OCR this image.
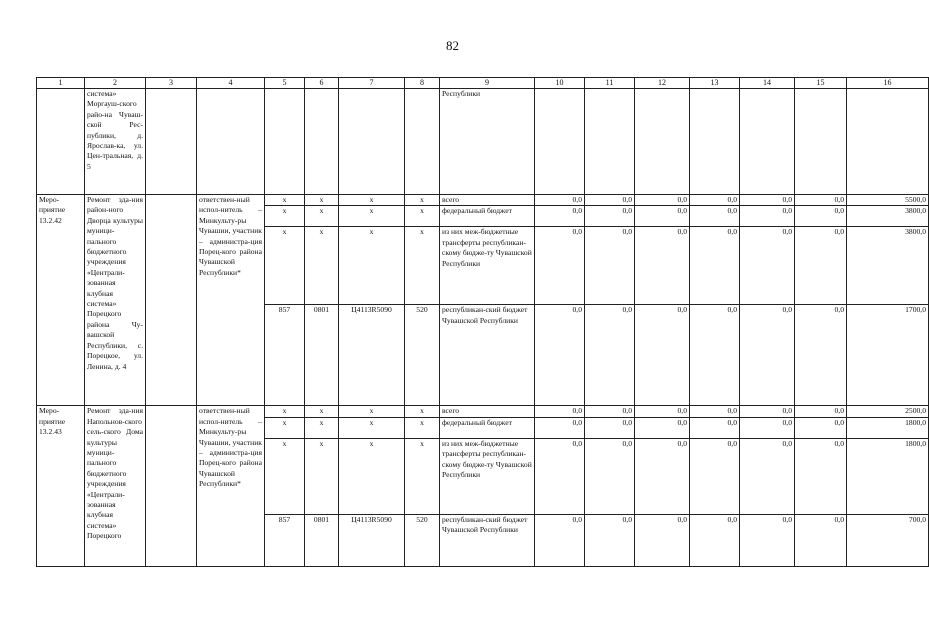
82
1	2	3	4	5	6	7	8	9	10	11	12	13	14	15	16
	система» Моргауш-ского райо-на Чуваш-ской Рес-публики, д. Ярослав-ка, ул. Цен-тральная, д. 5							Республики							
Меро-приятие 13.2.42	Ремонт зда-ния район-ного Дворца культуры муници-пального бюджетного учреждения «Централи-зованная клубная система» Порецкого района Чу-вашской Республики, с. Порецкое, ул. Ленина, д. 4		ответствен-ный испол-нитель – Минкульту-ры Чувашии, участник – администра-ция Порец-кого района Чувашской Республики*	x	x	x	x	всего	0,0	0,0	0,0	0,0	0,0	0,0	5500,0
				x	x	x	x	федеральный бюджет	0,0	0,0	0,0	0,0	0,0	0,0	3800,0
				x	x	x	x	из них меж-бюджетные трансферты республикан-скому бюдже-ту Чувашской Республики	0,0	0,0	0,0	0,0	0,0	0,0	3800,0
				857	0801	Ц4113R5090	520	республикан-ский бюджет Чувашской Республики	0,0	0,0	0,0	0,0	0,0	0,0	1700,0
Меро-приятие 13.2.43	Ремонт зда-ния Напольнов-ского сель-ского Дома культуры муници-пального бюджетного учреждения «Централи-зованная клубная система» Порецкого		ответствен-ный испол-нитель – Минкульту-ры Чувашии, участник – администра-ция Порец-кого района Чувашской Республики*	x	x	x	x	всего	0,0	0,0	0,0	0,0	0,0	0,0	2500,0
				x	x	x	x	федеральный бюджет	0,0	0,0	0,0	0,0	0,0	0,0	1800,0
				x	x	x	x	из них меж-бюджетные трансферты республикан-скому бюдже-ту Чувашской Республики	0,0	0,0	0,0	0,0	0,0	0,0	1800,0
				857	0801	Ц4113R5090	520	республикан-ский бюджет Чувашской Республики	0,0	0,0	0,0	0,0	0,0	0,0	700,0
